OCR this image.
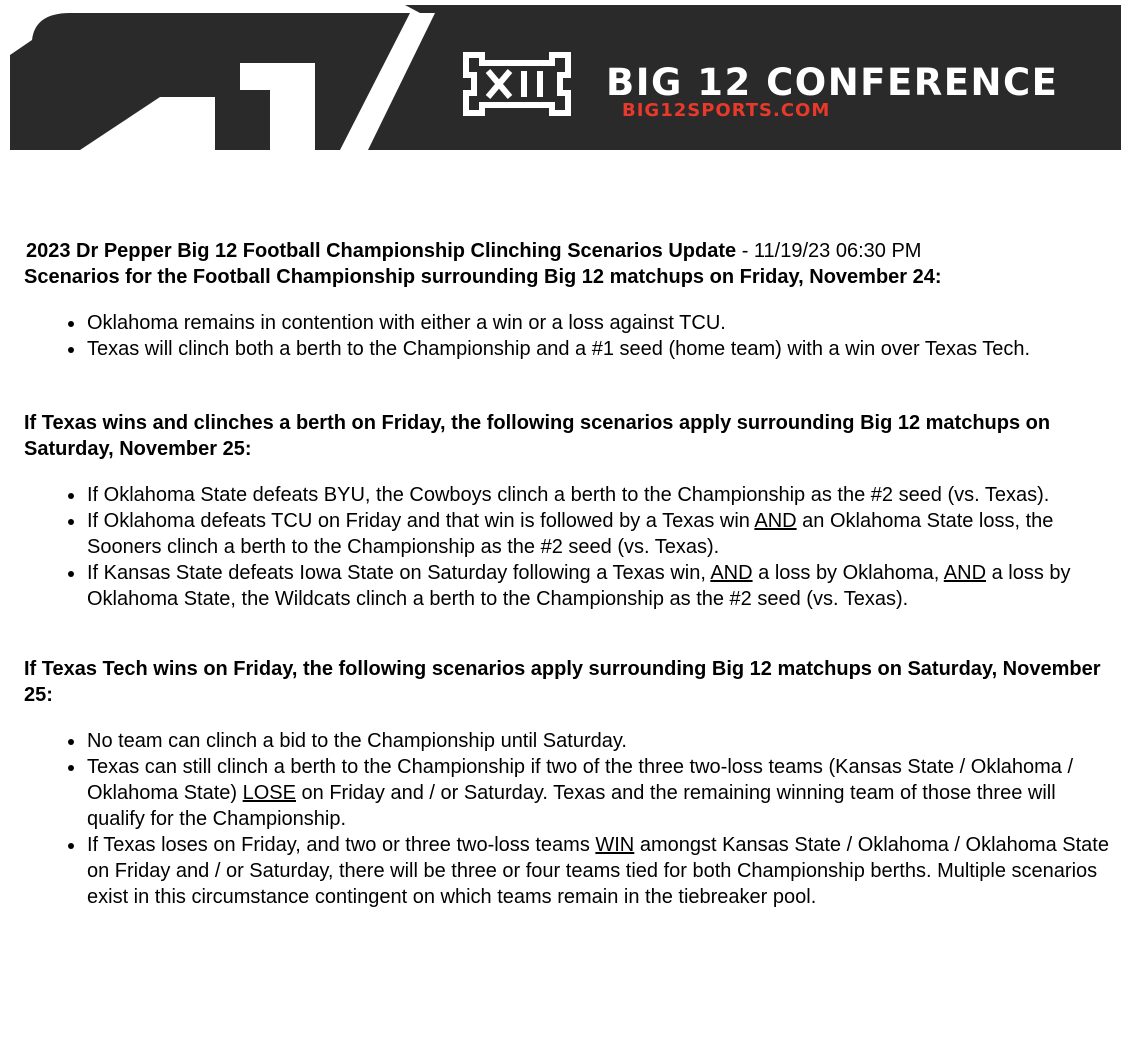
BIG 12 CONFERENCE
BIG12SPORTS.COM
2023 Dr Pepper Big 12 Football Championship Clinching Scenarios Update - 11/19/23 06:30 PM
Scenarios for the Football Championship surrounding Big 12 matchups on Friday, November 24:
Oklahoma remains in contention with either a win or a loss against TCU.
Texas will clinch both a berth to the Championship and a #1 seed (home team) with a win over Texas Tech.
If Texas wins and clinches a berth on Friday, the following scenarios apply surrounding Big 12 matchups on Saturday, November 25:
If Oklahoma State defeats BYU, the Cowboys clinch a berth to the Championship as the #2 seed (vs. Texas).
If Oklahoma defeats TCU on Friday and that win is followed by a Texas win AND an Oklahoma State loss, the Sooners clinch a berth to the Championship as the #2 seed (vs. Texas).
If Kansas State defeats Iowa State on Saturday following a Texas win, AND a loss by Oklahoma, AND a loss by Oklahoma State, the Wildcats clinch a berth to the Championship as the #2 seed (vs. Texas).
If Texas Tech wins on Friday, the following scenarios apply surrounding Big 12 matchups on Saturday, November 25:
No team can clinch a bid to the Championship until Saturday.
Texas can still clinch a berth to the Championship if two of the three two-loss teams (Kansas State / Oklahoma / Oklahoma State) LOSE on Friday and / or Saturday. Texas and the remaining winning team of those three will qualify for the Championship.
If Texas loses on Friday, and two or three two-loss teams WIN amongst Kansas State / Oklahoma / Oklahoma State on Friday and / or Saturday, there will be three or four teams tied for both Championship berths. Multiple scenarios exist in this circumstance contingent on which teams remain in the tiebreaker pool.
